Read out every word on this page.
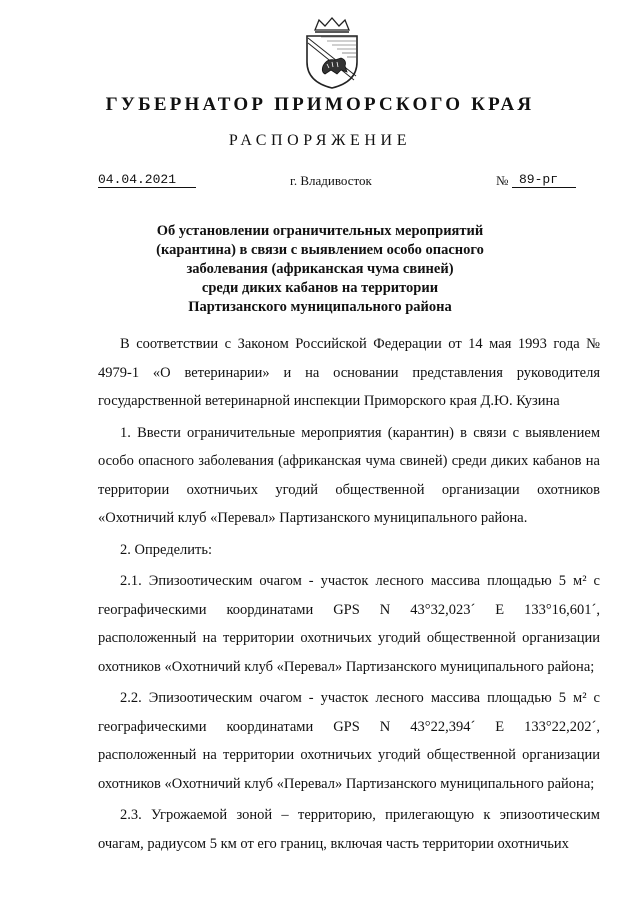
ГУБЕРНАТОР ПРИМОРСКОГО КРАЯ
РАСПОРЯЖЕНИЕ
04.04.2021	г. Владивосток	№ 89-рг
Об установлении ограничительных мероприятий
(карантина) в связи с выявлением особо опасного
заболевания (африканская чума свиней)
среди диких кабанов на территории
Партизанского муниципального района

В соответствии с Законом Российской Федерации от 14 мая 1993 года № 4979-1 «О ветеринарии» и на основании представления руководителя государственной ветеринарной инспекции Приморского края Д.Ю. Кузина

1. Ввести ограничительные мероприятия (карантин) в связи с выявлением особо опасного заболевания (африканская чума свиней) среди диких кабанов на территории охотничьих угодий общественной организации охотников «Охотничий клуб «Перевал» Партизанского муниципального района.

2. Определить:

2.1. Эпизоотическим очагом - участок лесного массива площадью 5 м² с географическими координатами GPS N 43°32,023´ E 133°16,601´, расположенный на территории охотничьих угодий общественной организации охотников «Охотничий клуб «Перевал» Партизанского муниципального района;

2.2. Эпизоотическим очагом - участок лесного массива площадью 5 м² с географическими координатами GPS N 43°22,394´ E 133°22,202´, расположенный на территории охотничьих угодий общественной организации охотников «Охотничий клуб «Перевал» Партизанского муниципального района;

2.3. Угрожаемой зоной – территорию, прилегающую к эпизоотическим очагам, радиусом 5 км от его границ, включая часть территории охотничьих
